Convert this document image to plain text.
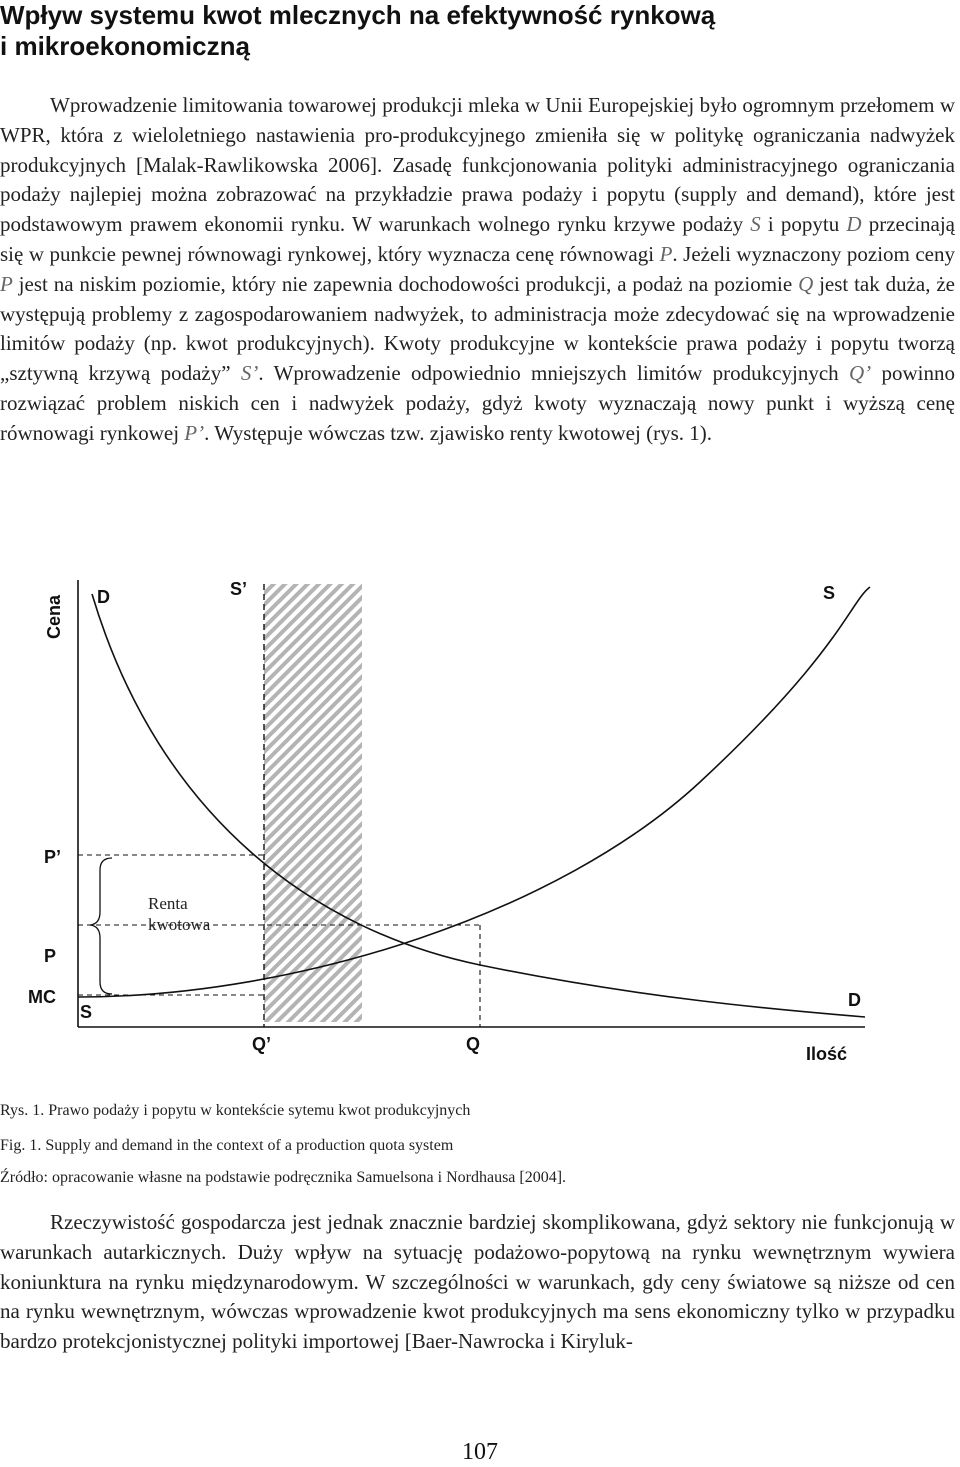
Wpływ systemu kwot mlecznych na efektywność rynkową
i mikroekonomiczną

Wprowadzenie limitowania towarowej produkcji mleka w Unii Europejskiej było ogromnym przełomem w WPR, która z wieloletniego nastawienia pro-produkcyjnego zmieniła się w politykę ograniczania nadwyżek produkcyjnych [Malak-Rawlikowska 2006]. Zasadę funkcjonowania polityki administracyjnego ograniczania podaży najlepiej można zobrazować na przykładzie prawa podaży i popytu (supply and demand), które jest podstawowym prawem ekonomii rynku. W warunkach wolnego rynku krzywe podaży S i popytu D przecinają się w punkcie pewnej równowagi rynkowej, który wyznacza cenę równowagi P. Jeżeli wyznaczony poziom ceny P jest na niskim poziomie, który nie zapewnia dochodowości produkcji, a podaż na poziomie Q jest tak duża, że występują problemy z zagospodarowaniem nadwyżek, to administracja może zdecydować się na wprowadzenie limitów podaży (np. kwot produkcyjnych). Kwoty produkcyjne w kontekście prawa podaży i popytu tworzą „sztywną krzywą podaży” S’. Wprowadzenie odpowiednio mniejszych limitów produkcyjnych Q’ powinno rozwiązać problem niskich cen i nadwyżek podaży, gdyż kwoty wyznaczają nowy punkt i wyższą cenę równowagi rynkowej P’. Występuje wówczas tzw. zjawisko renty kwotowej (rys. 1).

Cena D	S’	S
P’
P
MC
S
D
Q’	Q	Ilość
Renta
kwotowa

Rys. 1. Prawo podaży i popytu w kontekście sytemu kwot produkcyjnych

Fig. 1. Supply and demand in the context of a production quota system

Źródło: opracowanie własne na podstawie podręcznika Samuelsona i Nordhausa [2004].

Rzeczywistość gospodarcza jest jednak znacznie bardziej skomplikowana, gdyż sektory nie funkcjonują w warunkach autarkicznych. Duży wpływ na sytuację podażowo-popytową na rynku wewnętrznym wywiera koniunktura na rynku międzynarodowym. W szczególności w warunkach, gdy ceny światowe są niższe od cen na rynku wewnętrznym, wówczas wprowadzenie kwot produkcyjnych ma sens ekonomiczny tylko w przypadku bardzo protekcjonistycznej polityki importowej [Baer-Nawrocka i Kiryluk-

107
